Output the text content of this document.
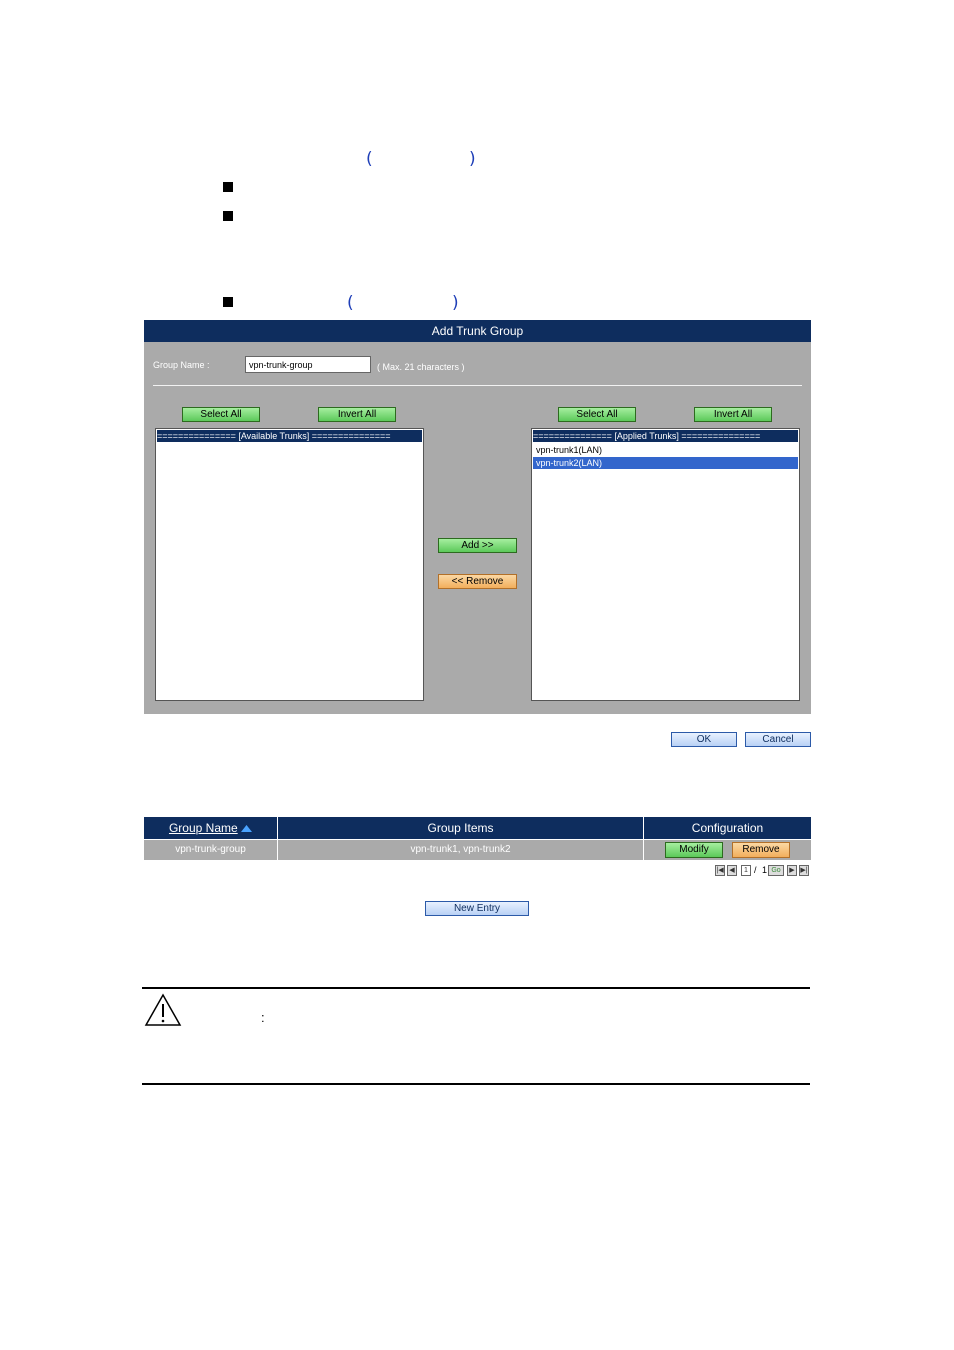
(	)
(	)
Add Trunk Group
Group Name :
vpn-trunk-group	( Max. 21 characters )
Select All	Invert All
=============== [Available Trunks] ===============
Add >>
<< Remove
Select All	Invert All
=============== [Applied Trunks] ===============
vpn-trunk1(LAN)
vpn-trunk2(LAN)
OK	Cancel
Group Name	Group Items	Configuration
vpn-trunk-group	vpn-trunk1, vpn-trunk2	Modify	Remove
|◀ ◀	1 / 1 Go	▶ ▶|
New Entry
:
